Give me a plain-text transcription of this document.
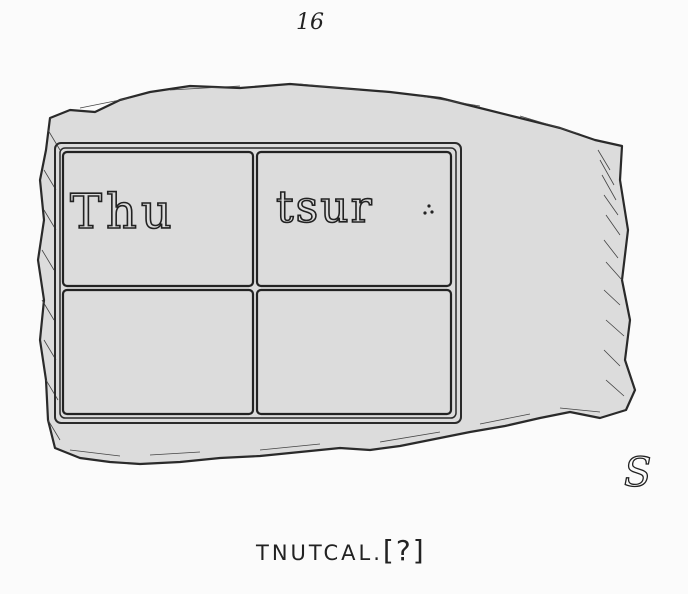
16
Thu tsur
S
TNUTCAL.[?]
